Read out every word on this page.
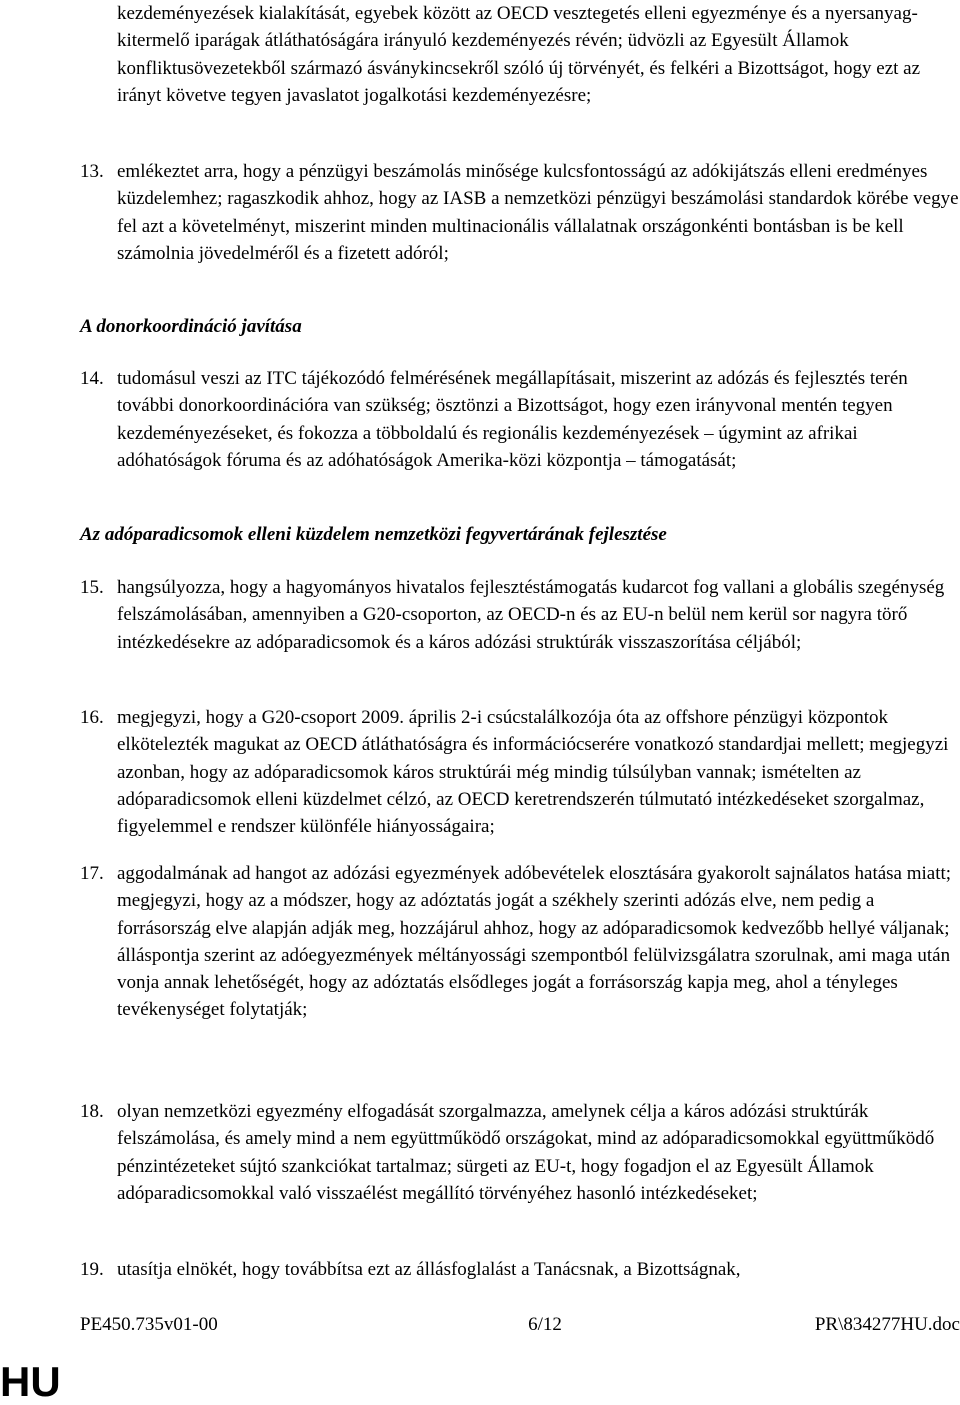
kezdeményezések kialakítását, egyebek között az OECD vesztegetés elleni egyezménye és a nyersanyag-kitermelő iparágak átláthatóságára irányuló kezdeményezés révén; üdvözli az Egyesült Államok konfliktusövezetekből származó ásványkincsekről szóló új törvényét, és felkéri a Bizottságot, hogy ezt az irányt követve tegyen javaslatot jogalkotási kezdeményezésre;

13. emlékeztet arra, hogy a pénzügyi beszámolás minősége kulcsfontosságú az adókijátszás elleni eredményes küzdelemhez; ragaszkodik ahhoz, hogy az IASB a nemzetközi pénzügyi beszámolási standardok körébe vegye fel azt a követelményt, miszerint minden multinacionális vállalatnak országonkénti bontásban is be kell számolnia jövedelméről és a fizetett adóról;
A donorkoordináció javítása
14. tudomásul veszi az ITC tájékozódó felmérésének megállapításait, miszerint az adózás és fejlesztés terén további donorkoordinációra van szükség; ösztönzi a Bizottságot, hogy ezen irányvonal mentén tegyen kezdeményezéseket, és fokozza a többoldalú és regionális kezdeményezések – úgymint az afrikai adóhatóságok fóruma és az adóhatóságok Amerika-közi központja – támogatását;
Az adóparadicsomok elleni küzdelem nemzetközi fegyvertárának fejlesztése
15. hangsúlyozza, hogy a hagyományos hivatalos fejlesztéstámogatás kudarcot fog vallani a globális szegénység felszámolásában, amennyiben a G20-csoporton, az OECD-n és az EU-n belül nem kerül sor nagyra törő intézkedésekre az adóparadicsomok és a káros adózási struktúrák visszaszorítása céljából;
16. megjegyzi, hogy a G20-csoport 2009. április 2-i csúcstalálkozója óta az offshore pénzügyi központok elkötelezték magukat az OECD átláthatóságra és információcserére vonatkozó standardjai mellett; megjegyzi azonban, hogy az adóparadicsomok káros struktúrái még mindig túlsúlyban vannak; ismételten az adóparadicsomok elleni küzdelmet célzó, az OECD keretrendszerén túlmutató intézkedéseket szorgalmaz, figyelemmel e rendszer különféle hiányosságaira;
17. aggodalmának ad hangot az adózási egyezmények adóbevételek elosztására gyakorolt sajnálatos hatása miatt; megjegyzi, hogy az a módszer, hogy az adóztatás jogát a székhely szerinti adózás elve, nem pedig a forrásország elve alapján adják meg, hozzájárul ahhoz, hogy az adóparadicsomok kedvezőbb hellyé váljanak; álláspontja szerint az adóegyezmények méltányossági szempontból felülvizsgálatra szorulnak, ami maga után vonja annak lehetőségét, hogy az adóztatás elsődleges jogát a forrásország kapja meg, ahol a tényleges tevékenységet folytatják;
18. olyan nemzetközi egyezmény elfogadását szorgalmazza, amelynek célja a káros adózási struktúrák felszámolása, és amely mind a nem együttműködő országokat, mind az adóparadicsomokkal együttműködő pénzintézeteket sújtó szankciókat tartalmaz; sürgeti az EU-t, hogy fogadjon el az Egyesült Államok adóparadicsomokkal való visszaélést megállító törvényéhez hasonló intézkedéseket;
19. utasítja elnökét, hogy továbbítsa ezt az állásfoglalást a Tanácsnak, a Bizottságnak,
PE450.735v01-00	6/12	PR\834277HU.doc
HU
